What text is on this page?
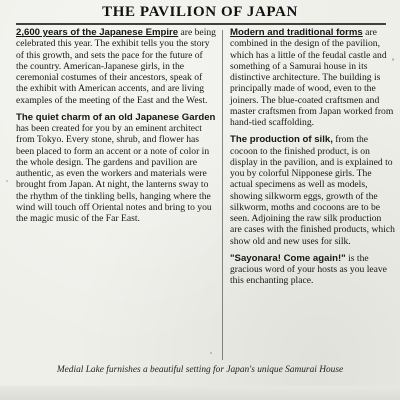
THE PAVILION OF JAPAN

2,600 years of the Japanese Empire are being celebrated this year. The exhibit tells you the story of this growth, and sets the pace for the future of the country. American-Japanese girls, in the ceremonial costumes of their ancestors, speak of the exhibit with American accents, and are living examples of the meeting of the East and the West.

The quiet charm of an old Japanese Garden has been created for you by an eminent architect from Tokyo. Every stone, shrub, and flower has been placed to form an accent or a note of color in the whole design. The gardens and pavilion are authentic, as even the workers and materials were brought from Japan. At night, the lanterns sway to the rhythm of the tinkling bells, hanging where the wind will touch off Oriental notes and bring to you the magic music of the Far East.

Modern and traditional forms are combined in the design of the pavilion, which has a little of the feudal castle and something of a Samurai house in its distinctive architecture. The building is principally made of wood, even to the joiners. The blue-coated craftsmen and master craftsmen from Japan worked from hand-tied scaffolding.

The production of silk, from the cocoon to the finished product, is on display in the pavilion, and is explained to you by colorful Nipponese girls. The actual specimens as well as models, showing silkworm eggs, growth of the silkworm, moths and cocoons are to be seen. Adjoining the raw silk production are cases with the finished products, which show old and new uses for silk.

"Sayonara! Come again!" is the gracious word of your hosts as you leave this enchanting place.

Medial Lake furnishes a beautiful setting for Japan's unique Samurai House
